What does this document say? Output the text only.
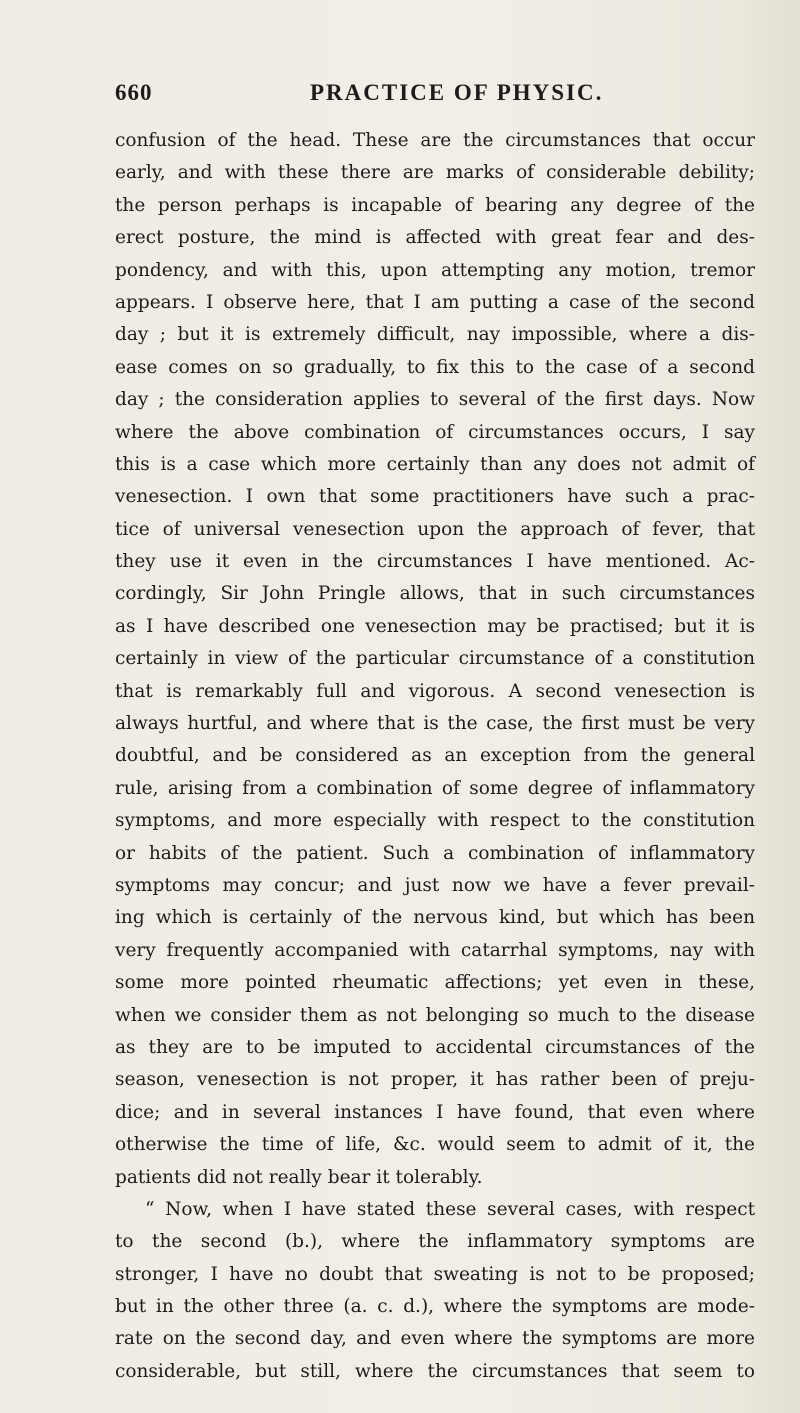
660	PRACTICE OF PHYSIC.
confusion of the head. These are the circumstances that occur
early, and with these there are marks of considerable debility;
the person perhaps is incapable of bearing any degree of the
erect posture, the mind is affected with great fear and des-
pondency, and with this, upon attempting any motion, tremor
appears. I observe here, that I am putting a case of the second
day ; but it is extremely difficult, nay impossible, where a dis-
ease comes on so gradually, to fix this to the case of a second
day ; the consideration applies to several of the first days. Now
where the above combination of circumstances occurs, I say
this is a case which more certainly than any does not admit of
venesection. I own that some practitioners have such a prac-
tice of universal venesection upon the approach of fever, that
they use it even in the circumstances I have mentioned. Ac-
cordingly, Sir John Pringle allows, that in such circumstances
as I have described one venesection may be practised; but it is
certainly in view of the particular circumstance of a constitution
that is remarkably full and vigorous. A second venesection is
always hurtful, and where that is the case, the first must be very
doubtful, and be considered as an exception from the general
rule, arising from a combination of some degree of inflammatory
symptoms, and more especially with respect to the constitution
or habits of the patient. Such a combination of inflammatory
symptoms may concur; and just now we have a fever prevail-
ing which is certainly of the nervous kind, but which has been
very frequently accompanied with catarrhal symptoms, nay with
some more pointed rheumatic affections; yet even in these,
when we consider them as not belonging so much to the disease
as they are to be imputed to accidental circumstances of the
season, venesection is not proper, it has rather been of preju-
dice; and in several instances I have found, that even where
otherwise the time of life, &c. would seem to admit of it, the
patients did not really bear it tolerably.
“ Now, when I have stated these several cases, with respect
to the second (b.), where the inflammatory symptoms are
stronger, I have no doubt that sweating is not to be proposed;
but in the other three (a. c. d.), where the symptoms are mode-
rate on the second day, and even where the symptoms are more
considerable, but still, where the circumstances that seem to
